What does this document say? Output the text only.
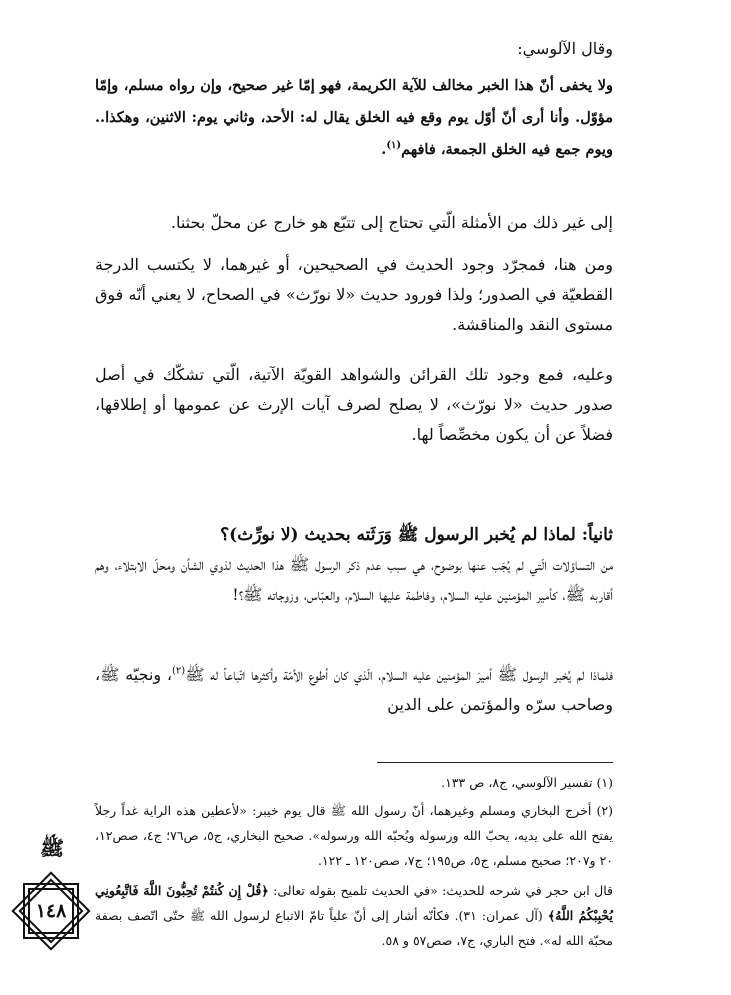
وقال الآلوسي:

ولا يخفى أنّ هذا الخبر مخالف للآية الكريمة، فهو إمّا غير صحيح، وإن رواه مسلم، وإمّا مؤوّل. وأنا أرى أنّ أوّل يوم وقع فيه الخلق يقال له: الأحد، وثاني يوم: الاثنين، وهكذا.. ويوم جمع فيه الخلق الجمعة، فافهم$^{(١)}$.

إلى غير ذلك من الأمثلة الّتي تحتاج إلى تتبّع هو خارج عن محلّ بحثنا.

ومن هنا، فمجرّد وجود الحديث في الصحيحين، أو غيرهما، لا يكتسب الدرجة القطعيّة في الصدور؛ ولذا فورود حديث «لا نورّث» في الصحاح، لا يعني أنّه فوق مستوى النقد والمناقشة.

وعليه، فمع وجود تلك القرائن والشواهد القويّة الآتية، الّتي تشكّك في أصل صدور حديث «لا نورّث»، لا يصلح لصرف آيات الإرث عن عمومها أو إطلاقها، فضلاً عن أن يكون مخصِّصاً لها.

ثانياً: لماذا لم يُخبر الرسول ﷺ وَرَثَته بحديث (لا نورِّث)؟

من التساؤلات الّتي لم يُجَب عنها بوضوح، هي سبب عدم ذكر الرسول ﷺ هذا الحديث لذوي الشأن ومحلّ الابتلاء، وهم أقاربه ﷺ، كأمير المؤمنين عليه السلام، وفاطمة عليها السلام، والعبّاس، وزوجاته ﷺ؟!

فلماذا لم يُخبر الرسول ﷺ أميرَ المؤمنين عليه السلام، الّذي كان أطوع الأمّة وأكثرها اتّباعاً له ﷺ$^{(٢)}$، ونجيّه ﷺ، وصاحب سرّه والمؤتمن على الدين

(١) تفسير الآلوسي، ج٨، ص ١٣٣.

(٢) أخرج البخاري ومسلم وغيرهما، أنّ رسول الله ﷺ قال يوم خيبر: «لأعطين هذه الراية غداً رجلاً يفتح الله على يديه، يحبّ الله ورسوله ويُحبّه الله ورسوله». صحيح البخاري، ج٥، ص٧٦؛ ج٤، صص١٢، ٢٠ و٢٠٧؛ صحيح مسلم، ج٥، ص١٩٥؛ ج٧، صص١٢٠ ـ ١٢٢.

قال ابن حجر في شرحه للحديث: «في الحديث تلميح بقوله تعالى: ﴿قُلْ إِن كُنتُمْ تُحِبُّونَ اللَّهَ فَاتَّبِعُونِي يُحْبِبْكُمُ اللَّهُ﴾ (آل عمران: ٣١). فكأنّه أشار إلى أنّ علياً تامّ الاتباع لرسول الله ﷺ حتّى اتّصف بصفة محبّة الله له». فتح الباري، ج٧، صص٥٧ و ٥٨.

ﷺ
١٤٨
